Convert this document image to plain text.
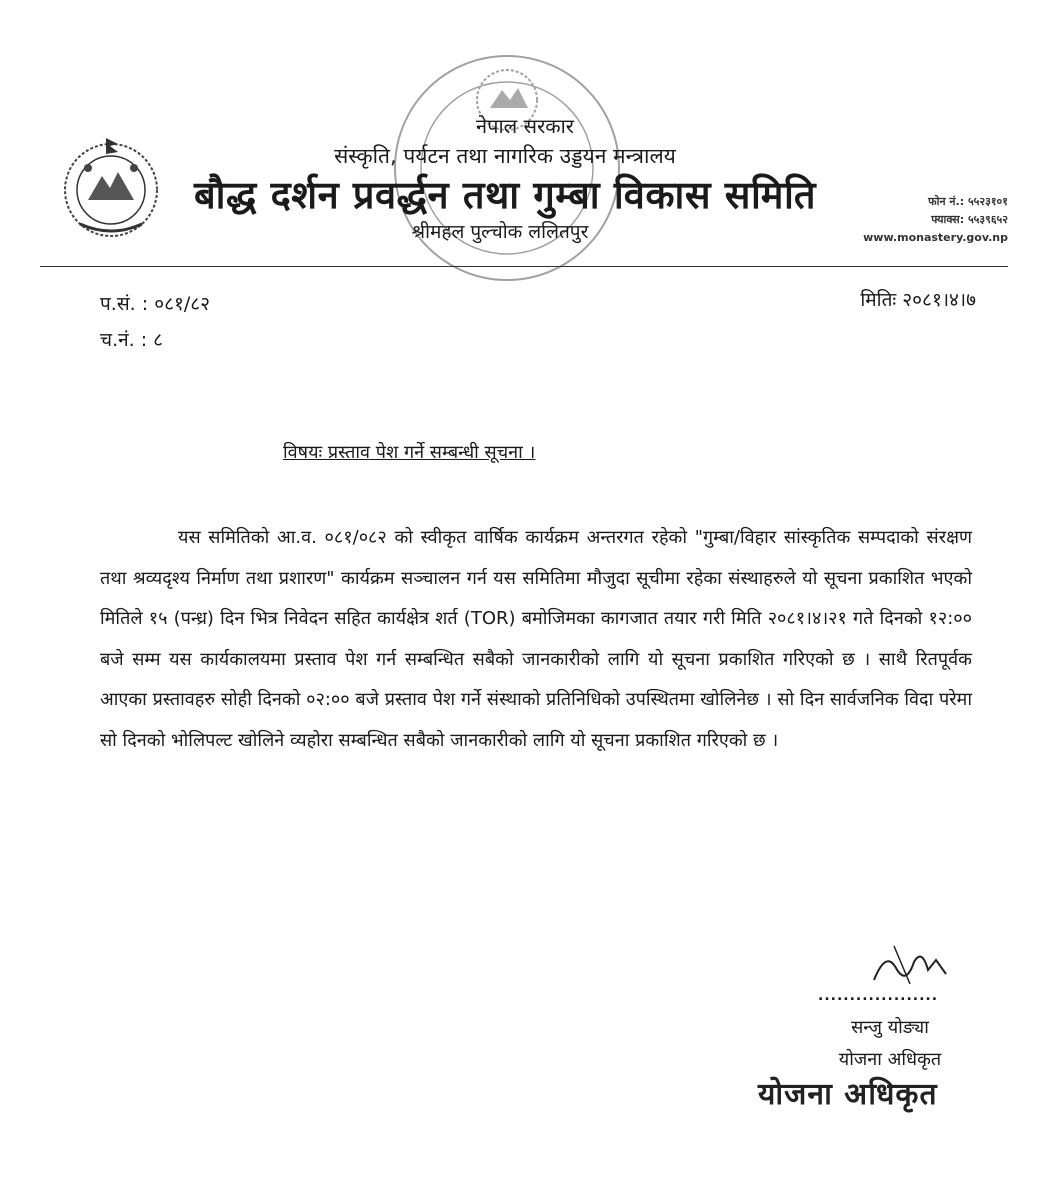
नेपाल सरकार
संस्कृति, पर्यटन तथा नागरिक उड्डयन मन्त्रालय
बौद्ध दर्शन प्रवर्द्धन तथा गुम्बा विकास समिति
श्रीमहल पुल्चोक ललितपुर
फोन नं.: ५५२३१०१
फ्याक्स: ५५३९६५२
www.monastery.gov.np
प.सं. : ०८१/८२
च.नं. : ८
मितिः २०८१।४।७
विषयः प्रस्ताव पेश गर्ने सम्बन्धी सूचना ।
यस समितिको आ.व. ०८१/०८२ को स्वीकृत वार्षिक कार्यक्रम अन्तरगत रहेको "गुम्बा/विहार सांस्कृतिक सम्पदाको संरक्षण तथा श्रव्यदृश्य निर्माण तथा प्रशारण" कार्यक्रम सञ्चालन गर्न यस समितिमा मौजुदा सूचीमा रहेका संस्थाहरुले यो सूचना प्रकाशित भएको मितिले १५ (पन्ध्र) दिन भित्र निवेदन सहित कार्यक्षेत्र शर्त (TOR) बमोजिमका कागजात तयार गरी मिति २०८१।४।२१ गते दिनको १२:०० बजे सम्म यस कार्यकालयमा प्रस्ताव पेश गर्न सम्बन्धित सबैको जानकारीको लागि यो सूचना प्रकाशित गरिएको छ । साथै रितपूर्वक आएका प्रस्तावहरु सोही दिनको ०२:०० बजे प्रस्ताव पेश गर्ने संस्थाको प्रतिनिधिको उपस्थितमा खोलिनेछ । सो दिन सार्वजनिक विदा परेमा सो दिनको भोलिपल्ट खोलिने व्यहोरा सम्बन्धित सबैको जानकारीको लागि यो सूचना प्रकाशित गरिएको छ ।
...................
सन्जु योङ्या
योजना अधिकृत
योजना अधिकृत
